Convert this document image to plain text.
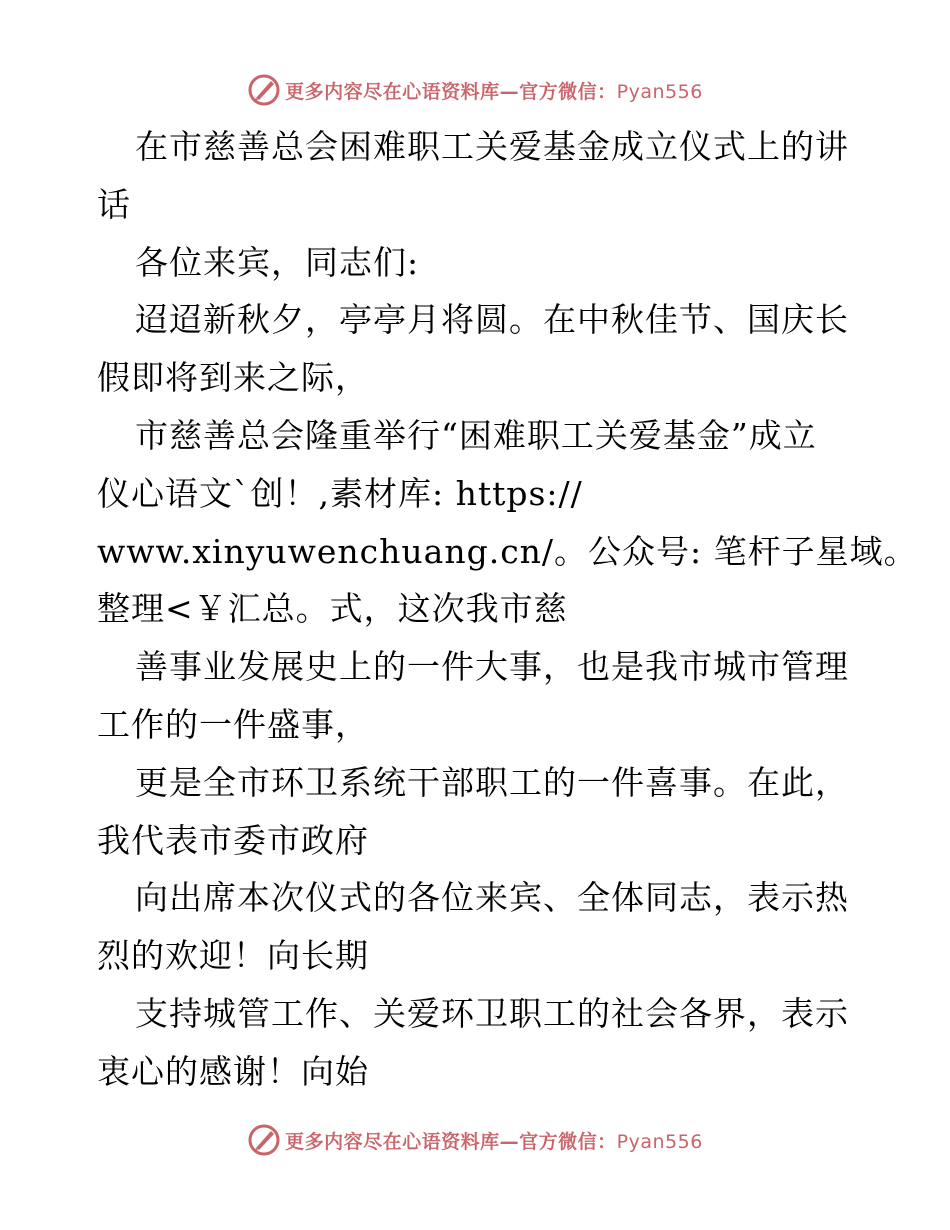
更多内容尽在心语资料库—官方微信：Pyan556
在市慈善总会困难职工关爱基金成立仪式上的讲
话
各位来宾，同志们:
迢迢新秋夕，亭亭月将圆。在中秋佳节、国庆长
假即将到来之际，
市慈善总会隆重举行“困难职工关爱基金”成立
仪心语文`创！,素材库: https://
www.xinyuwenchuang.cn/。公众号: 笔杆子星域。
整理<￥汇总。式，这次我市慈
善事业发展史上的一件大事，也是我市城市管理
工作的一件盛事，
更是全市环卫系统干部职工的一件喜事。在此，
我代表市委市政府
向出席本次仪式的各位来宾、全体同志，表示热
烈的欢迎！向长期
支持城管工作、关爱环卫职工的社会各界，表示
衷心的感谢！向始
更多内容尽在心语资料库—官方微信：Pyan556
